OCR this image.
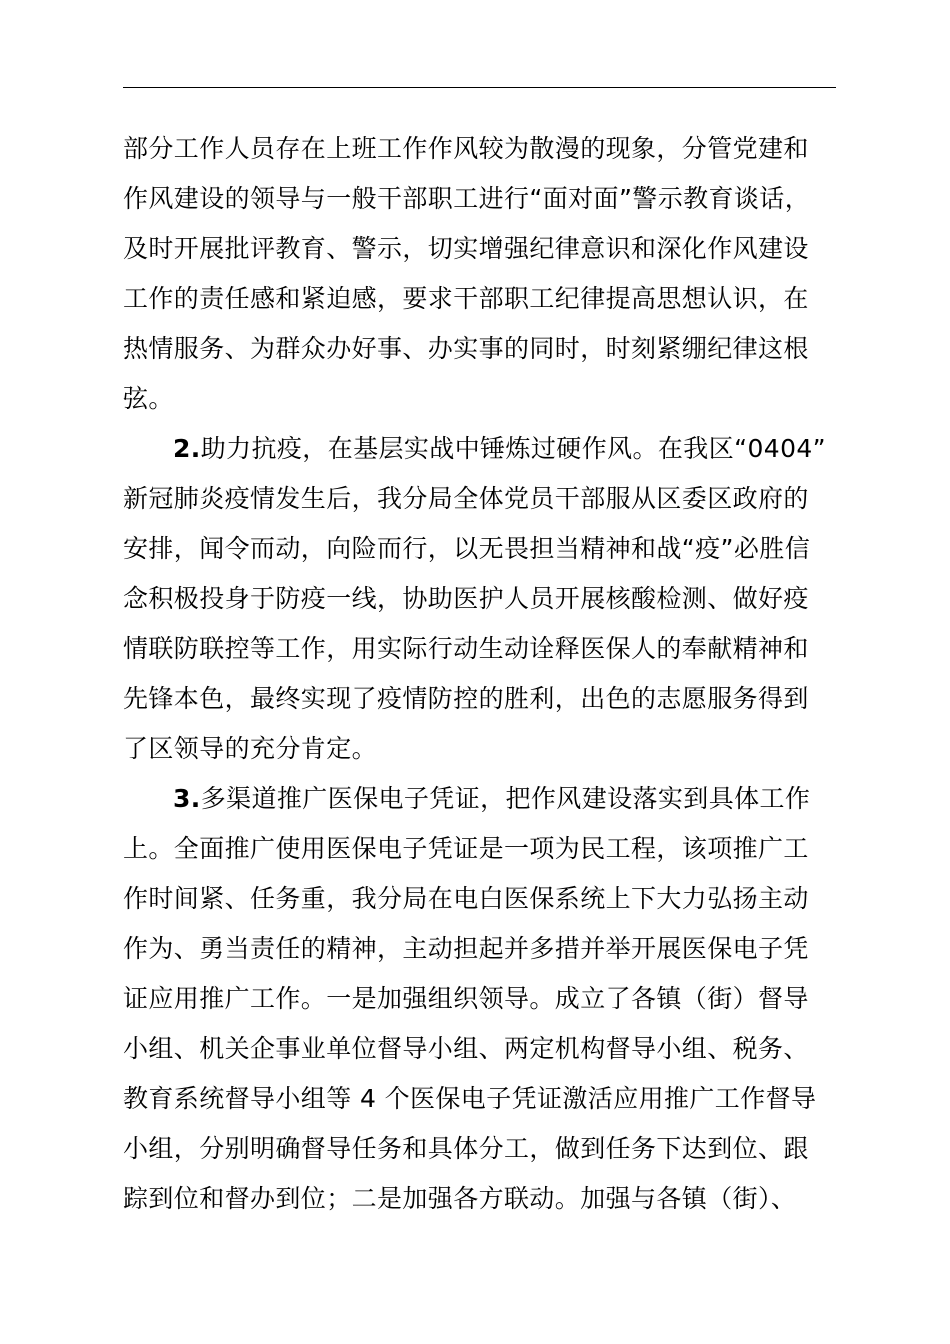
部分工作人员存在上班工作作风较为散漫的现象，分管党建和
作风建设的领导与一般干部职工进行“面对面”警示教育谈话，
及时开展批评教育、警示，切实增强纪律意识和深化作风建设
工作的责任感和紧迫感，要求干部职工纪律提高思想认识，在
热情服务、为群众办好事、办实事的同时，时刻紧绷纪律这根
弦。
2.助力抗疫，在基层实战中锤炼过硬作风。在我区“0404”
新冠肺炎疫情发生后，我分局全体党员干部服从区委区政府的
安排，闻令而动，向险而行，以无畏担当精神和战“疫”必胜信
念积极投身于防疫一线，协助医护人员开展核酸检测、做好疫
情联防联控等工作，用实际行动生动诠释医保人的奉献精神和
先锋本色，最终实现了疫情防控的胜利，出色的志愿服务得到
了区领导的充分肯定。
3.多渠道推广医保电子凭证，把作风建设落实到具体工作
上。全面推广使用医保电子凭证是一项为民工程，该项推广工
作时间紧、任务重，我分局在电白医保系统上下大力弘扬主动
作为、勇当责任的精神，主动担起并多措并举开展医保电子凭
证应用推广工作。一是加强组织领导。成立了各镇（街）督导
小组、机关企事业单位督导小组、两定机构督导小组、税务、
教育系统督导小组等 4 个医保电子凭证激活应用推广工作督导
小组，分别明确督导任务和具体分工，做到任务下达到位、跟
踪到位和督办到位；二是加强各方联动。加强与各镇（街）、
